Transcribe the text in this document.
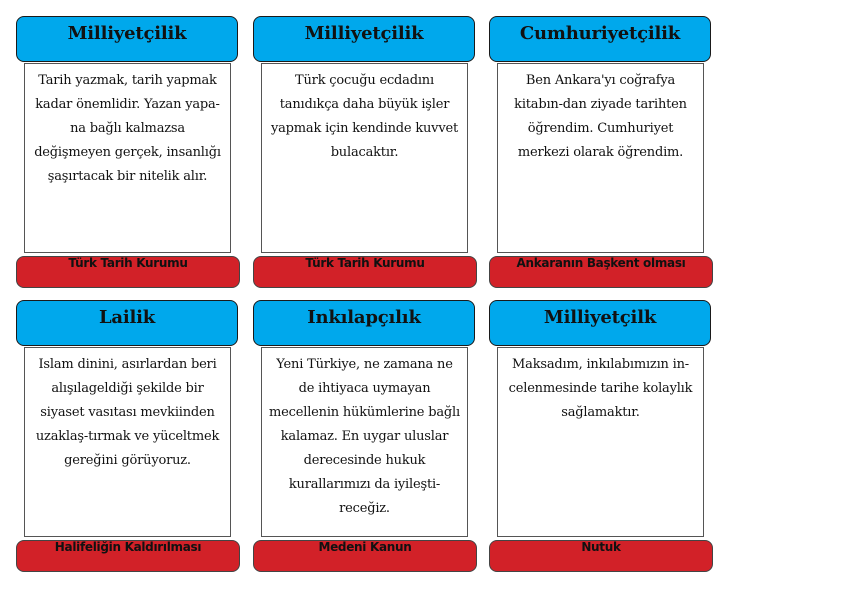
Milliyetçilik
Tarih yazmak, tarih yapmak kadar önemlidir. Yazan yapa-na bağlı kalmazsa değişmeyen gerçek, insanlığı şaşırtacak bir nitelik alır.
Türk Tarih Kurumu
Milliyetçilik
Türk çocuğu ecdadını tanıdıkça daha büyük işler yapmak için kendinde kuvvet bulacaktır.
Türk Tarih Kurumu
Cumhuriyetçilik
Ben Ankara'yı coğrafya kitabın-dan ziyade tarihten öğrendim. Cumhuriyet merkezi olarak öğrendim.
Ankaranın Başkent olması
Lailik
Islam dinini, asırlardan beri alışılageldiği şekilde bir siyaset vasıtası mevkiinden uzaklaş-tırmak ve yüceltmek gereğini görüyoruz.
Halifeliğin Kaldırılması
Inkılapçılık
Yeni Türkiye, ne zamana ne de ihtiyaca uymayan mecellenin hükümlerine bağlı kalamaz. En uygar uluslar derecesinde hukuk kurallarımızı da iyileşti-receğiz.
Medeni Kanun
Milliyetçilk
Maksadım, inkılabımızın in-celenmesinde tarihe kolaylık sağlamaktır.
Nutuk
